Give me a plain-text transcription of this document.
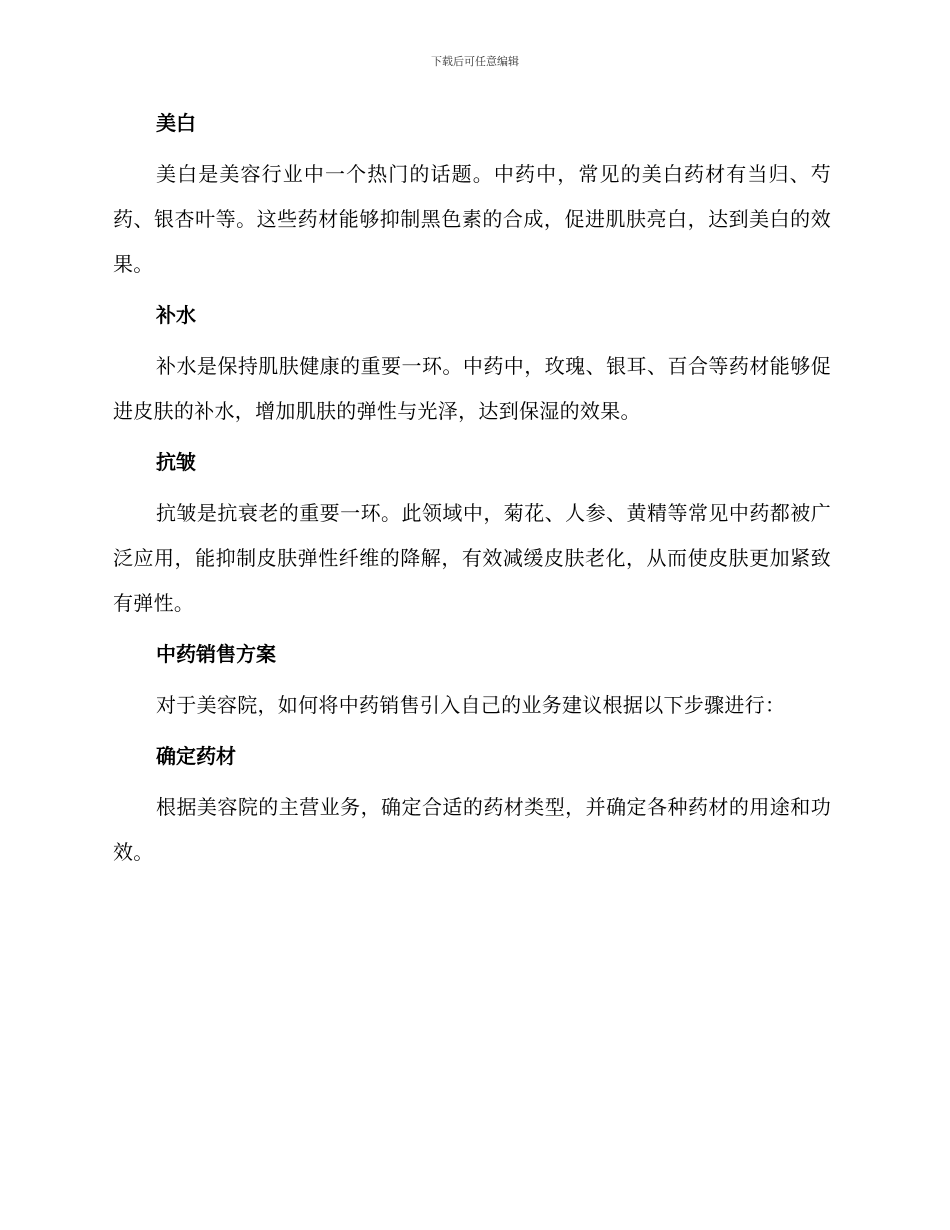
下载后可任意编辑
美白

美白是美容行业中一个热门的话题。中药中，常见的美白药材有当归、芍药、银杏叶等。这些药材能够抑制黑色素的合成，促进肌肤亮白，达到美白的效果。

补水

补水是保持肌肤健康的重要一环。中药中，玫瑰、银耳、百合等药材能够促进皮肤的补水，增加肌肤的弹性与光泽，达到保湿的效果。

抗皱

抗皱是抗衰老的重要一环。此领域中，菊花、人参、黄精等常见中药都被广泛应用，能抑制皮肤弹性纤维的降解，有效减缓皮肤老化，从而使皮肤更加紧致有弹性。

中药销售方案

对于美容院，如何将中药销售引入自己的业务建议根据以下步骤进行：

确定药材

根据美容院的主营业务，确定合适的药材类型，并确定各种药材的用途和功效。
